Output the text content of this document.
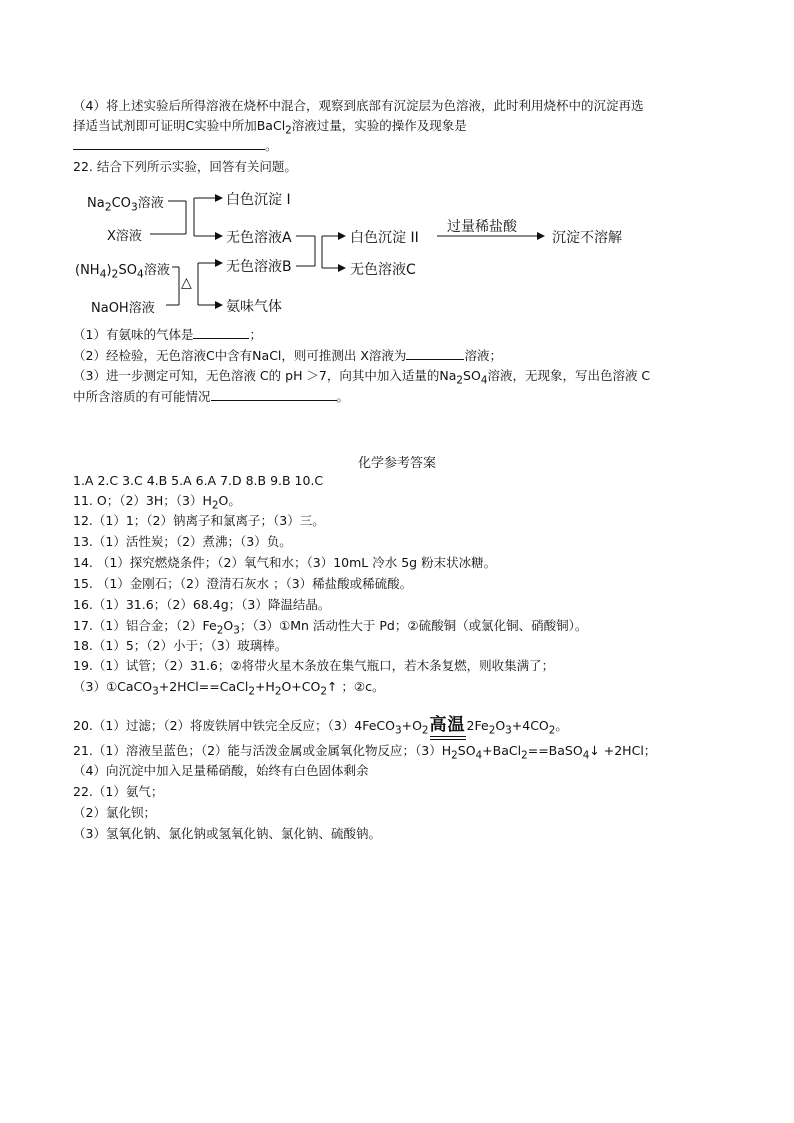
（4）将上述实验后所得溶液在烧杯中混合，观察到底部有沉淀层为色溶液，此时利用烧杯中的沉淀再选
择适当试剂即可证明C实验中所加BaCl$_2$溶液过量，实验的操作及现象是
。
22. 结合下列所示实验，回答有关问题。
$Na_2CO_3$溶液
X溶液
白色沉淀 I
无色溶液A	白色沉淀 II
过量稀盐酸
沉淀不溶解
$(NH_4)_2SO_4$溶液
△
NaOH溶液
无色溶液B	无色溶液C
氨味气体
（1）有氨味的气体是	；
（2）经检验，无色溶液C中含有NaCl，则可推测出 X溶液为	溶液；
（3）进一步测定可知，无色溶液 C的 pH ＞7，向其中加入适量的$Na_2SO_4$溶液，无现象，写出色溶液 C
中所含溶质的有可能情况	。
化学参考答案
1.A 2.C 3.C 4.B 5.A 6.A 7.D 8.B 9.B 10.C
11. O；（2）3H；$(3)H_2O$。
12.（1）1；（2）钠离子和氯离子；（3）三。
13.（1）活性炭；（2）煮沸；（3）负。
14. （1）探究燃烧条件；（2）氧气和水；（3）10mL 冷水 5g 粉末状冰糖。
15. （1）金刚石；（2）澄清石灰水 ；（3）稀盐酸或稀硫酸。
16.（1）31.6；（2）68.4g；（3）降温结晶。
17.（1）铝合金；$(2)Fe_2O_3$；（3）①Mn 活动性大于 Pd；②硫酸铜（或氯化铜、硝酸铜）。
18.（1）5；（2）小于；（3）玻璃棒。
19.（1）试管；（2）31.6；②将带火星木条放在集气瓶口，若木条复燃，则收集满了；
$(3)①CaCO_3+2HCl==CaCl_2+H_2O+CO_2↑$ ；②c。
20.（1）过滤；（2）将废铁屑中铁完全反应；$(3)4FeCO_3+O_2$高温$2Fe_2O_3+4CO_2$。
21.（1）溶液呈蓝色；（2）能与活泼金属或金属氧化物反应；$(3)H_2SO_4+BaCl_2==BaSO_4↓ +2HCl$；
（4）向沉淀中加入足量稀硝酸，始终有白色固体剩余
22.（1）氨气；
（2）氯化钡；
（3）氢氧化钠、氯化钠或氢氧化钠、氯化钠、硫酸钠。
